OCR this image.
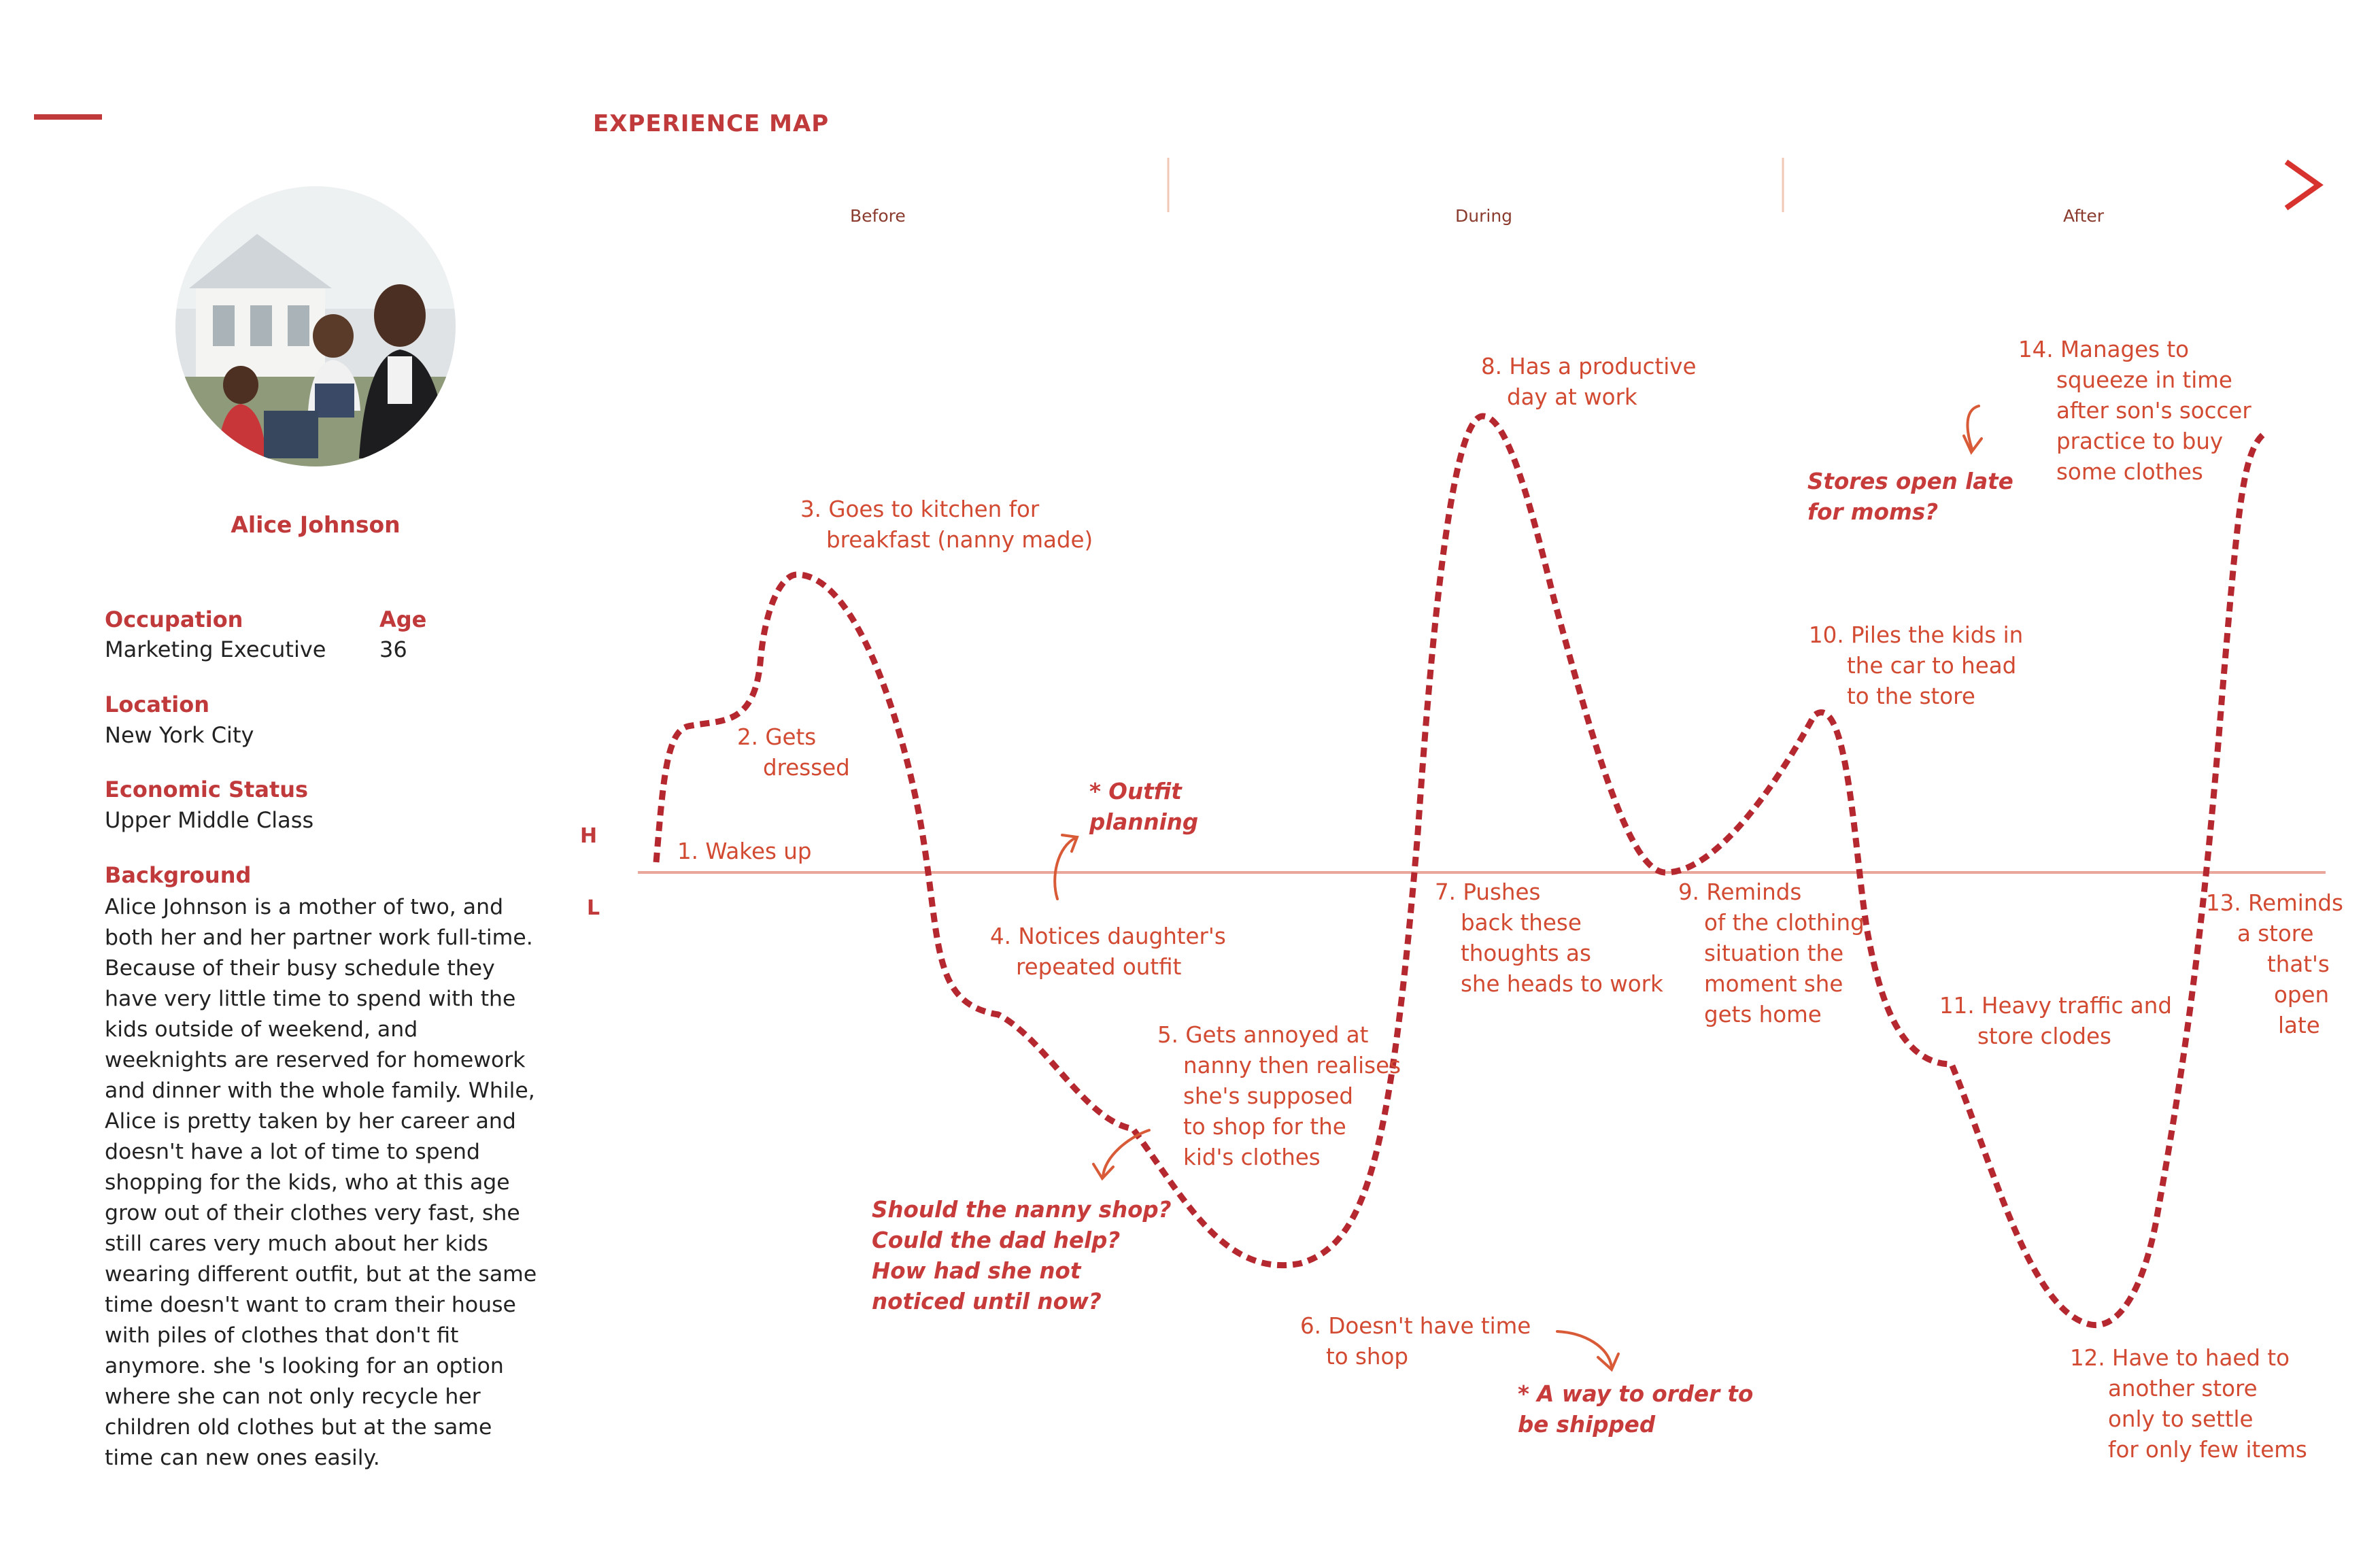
EXPERIENCE MAP
Alice Johnson
Occupation
Marketing Executive
Age
36
Location
New York City
Economic Status
Upper Middle Class
Background
Alice Johnson is a mother of two, and both her and her partner work full-time. Because of their busy schedule they have very little time to spend with the kids outside of weekend, and weeknights are reserved for homework and dinner with the whole family. While, Alice is pretty taken by her career and doesn't have a lot of time to spend shopping for the kids, who at this age grow out of their clothes very fast, she still cares very much about her kids wearing different outfit, but at the same time doesn't want to cram their house with piles of clothes that don't fit anymore. she 's looking for an option where she can not only recycle her children old clothes but at the same time can new ones easily.
Before	During	After
H
L
1. Wakes up
2. Gets
dressed
3. Goes to kitchen for
breakfast (nanny made)
4. Notices daughter's
repeated outfit
5. Gets annoyed at
nanny then realises
she's supposed
to shop for the
kid's clothes
6. Doesn't have time
to shop
7. Pushes
back these
thoughts as
she heads to work
8. Has a productive
day at work
9. Reminds
of the clothing
situation the
moment she
gets home
10. Piles the kids in
the car to head
to the store
11. Heavy traffic and
store clodes
12. Have to haed to
another store
only to settle
for only few items
13. Reminds
a store
that's
open
late
14. Manages to
squeeze in time
after son's soccer
practice to buy
some clothes
* Outfit
planning
Should the nanny shop?
Could the dad help?
How had she not
noticed until now?
* A way to order to
be shipped
Stores open late
for moms?
